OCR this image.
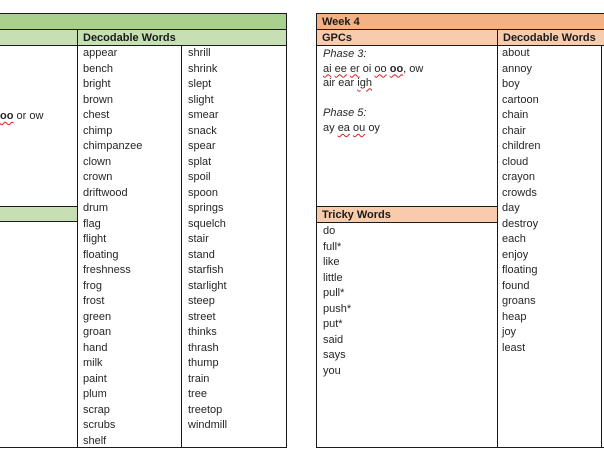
Decodable Words
oo or ow
appear
bench
bright
brown
chest
chimp
chimpanzee
clown
crown
driftwood
drum
flag
flight
floating
freshness
frog
frost
green
groan
hand
milk
paint
plum
scrap
scrubs
shelf
shrill
shrink
slept
slight
smear
snack
spear
splat
spoil
spoon
springs
squelch
stair
stand
starfish
starlight
steep
street
thinks
thrash
thump
train
tree
treetop
windmill
Week 4
GPCs	Decodable Words
Phase 3:
ai ee er oi oo oo, ow
air ear igh
Phase 5:
ay ea ou oy
Tricky Words
do
full*
like
little
pull*
push*
put*
said
says
you
about
annoy
boy
cartoon
chain
chair
children
cloud
crayon
crowds
day
destroy
each
enjoy
floating
found
groans
heap
joy
least
